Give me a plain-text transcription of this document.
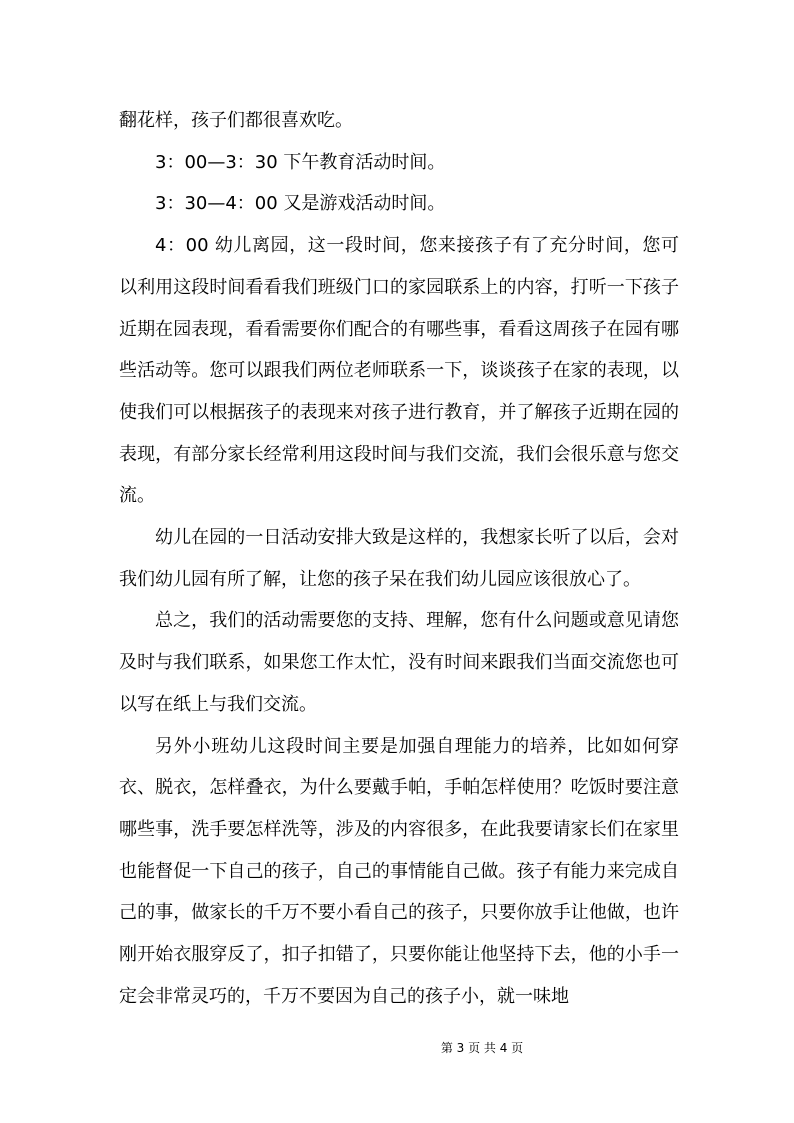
翻花样，孩子们都很喜欢吃。

3：00—3：30 下午教育活动时间。

3：30—4：00 又是游戏活动时间。

4：00 幼儿离园，这一段时间，您来接孩子有了充分时间，您可以利用这段时间看看我们班级门口的家园联系上的内容，打听一下孩子近期在园表现，看看需要你们配合的有哪些事，看看这周孩子在园有哪些活动等。您可以跟我们两位老师联系一下，谈谈孩子在家的表现，以使我们可以根据孩子的表现来对孩子进行教育，并了解孩子近期在园的表现，有部分家长经常利用这段时间与我们交流，我们会很乐意与您交流。

幼儿在园的一日活动安排大致是这样的，我想家长听了以后，会对我们幼儿园有所了解，让您的孩子呆在我们幼儿园应该很放心了。

总之，我们的活动需要您的支持、理解，您有什么问题或意见请您及时与我们联系，如果您工作太忙，没有时间来跟我们当面交流您也可以写在纸上与我们交流。

另外小班幼儿这段时间主要是加强自理能力的培养，比如如何穿衣、脱衣，怎样叠衣，为什么要戴手帕，手帕怎样使用？吃饭时要注意哪些事，洗手要怎样洗等，涉及的内容很多，在此我要请家长们在家里也能督促一下自己的孩子，自己的事情能自己做。孩子有能力来完成自己的事，做家长的千万不要小看自己的孩子，只要你放手让他做，也许刚开始衣服穿反了，扣子扣错了，只要你能让他坚持下去，他的小手一定会非常灵巧的，千万不要因为自己的孩子小，就一味地

第 3 页 共 4 页
